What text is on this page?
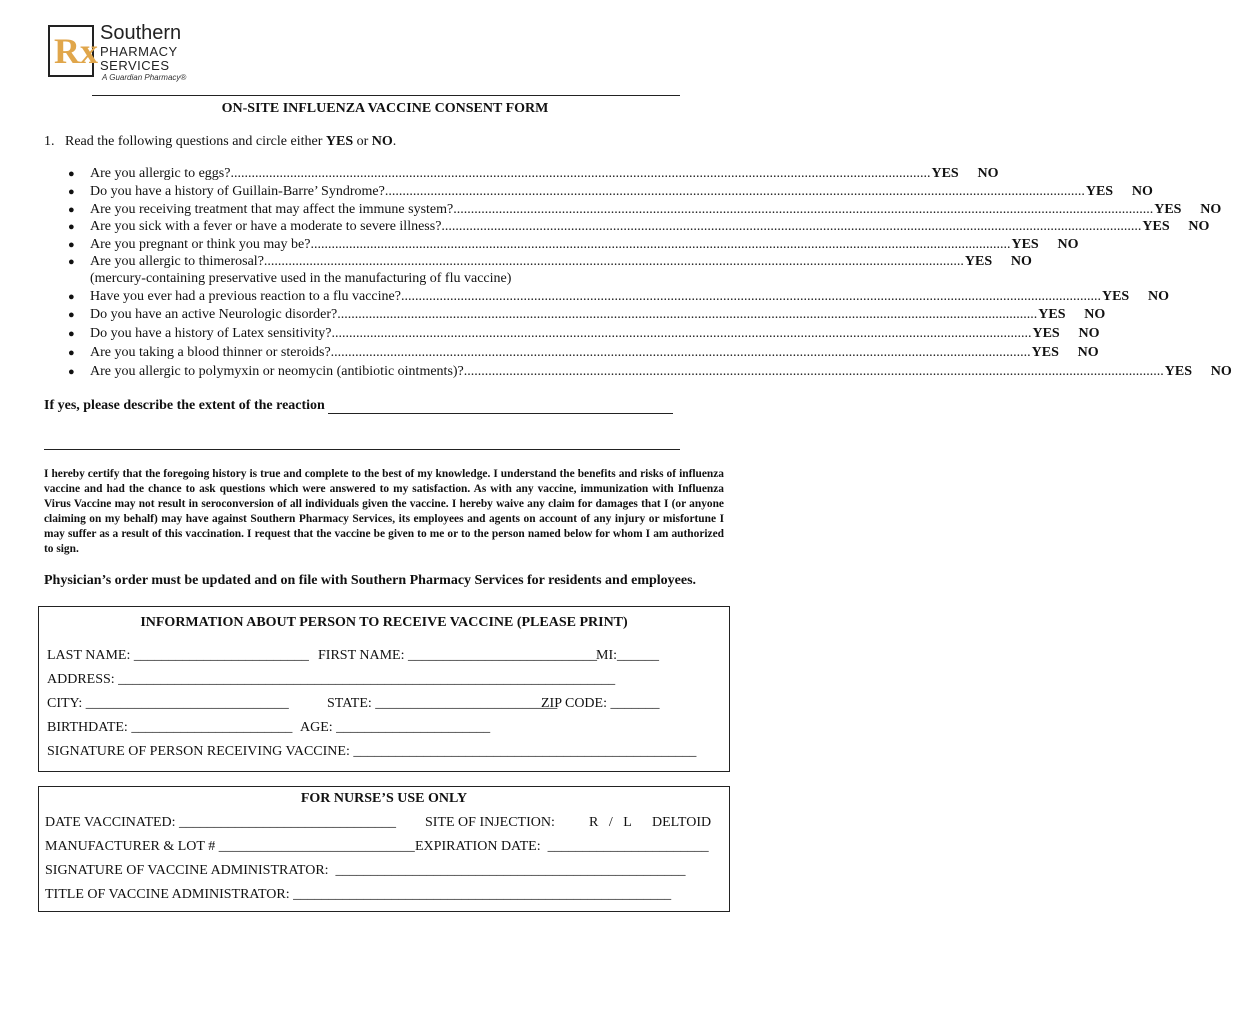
Rx Southern
PHARMACY
SERVICES
A Guardian Pharmacy®
ON-SITE INFLUENZA VACCINE CONSENT FORM
1.   Read the following questions and circle either YES or NO.
●	Are you allergic to eggs? ........................................................................................................................................................................................................ YES	NO
●	Do you have a history of Guillain-Barre’ Syndrome? ........................................................................................................................................................................................................ YES	NO
●	Are you receiving treatment that may affect the immune system? ........................................................................................................................................................................................................ YES	NO
●	Are you sick with a fever or have a moderate to severe illness? ........................................................................................................................................................................................................ YES	NO
●	Are you pregnant or think you may be? ........................................................................................................................................................................................................ YES	NO
●	Are you allergic to thimerosal? ........................................................................................................................................................................................................ YES	NO
●	Have you ever had a previous reaction to a flu vaccine? ........................................................................................................................................................................................................ YES	NO
●	Do you have an active Neurologic disorder? ........................................................................................................................................................................................................ YES	NO
●	Do you have a history of Latex sensitivity? ........................................................................................................................................................................................................ YES	NO
●	Are you taking a blood thinner or steroids? ........................................................................................................................................................................................................ YES	NO
●	Are you allergic to polymyxin or neomycin (antibiotic ointments)? ........................................................................................................................................................................................................ YES	NO
(mercury-containing preservative used in the manufacturing of flu vaccine)
If yes, please describe the extent of the reaction
I hereby certify that the foregoing history is true and complete to the best of my knowledge. I understand the benefits and risks of influenza vaccine and had the chance to ask questions which were answered to my satisfaction. As with any vaccine, immunization with Influenza Virus Vaccine may not result in seroconversion of all individuals given the vaccine. I hereby waive any claim for damages that I (or anyone claiming on my behalf) may have against Southern Pharmacy Services, its employees and agents on account of any injury or misfortune I may suffer as a result of this vaccination. I request that the vaccine be given to me or to the person named below for whom I am authorized to sign.
Physician’s order must be updated and on file with Southern Pharmacy Services for residents and employees.
INFORMATION ABOUT PERSON TO RECEIVE VACCINE (PLEASE PRINT)
LAST NAME: _________________________ FIRST NAME: ___________________________ MI:______
ADDRESS: _______________________________________________________________________
CITY: _____________________________	STATE: __________________________
ZIP CODE: _______
BIRTHDATE: _______________________ AGE: ______________________
SIGNATURE OF PERSON RECEIVING VACCINE: _________________________________________________
FOR NURSE’S USE ONLY
DATE VACCINATED: _______________________________ SITE OF INJECTION: R   /   L DELTOID
MANUFACTURER & LOT # ____________________________ EXPIRATION DATE:  _______________________
SIGNATURE OF VACCINE ADMINISTRATOR:  __________________________________________________
TITLE OF VACCINE ADMINISTRATOR: ______________________________________________________
